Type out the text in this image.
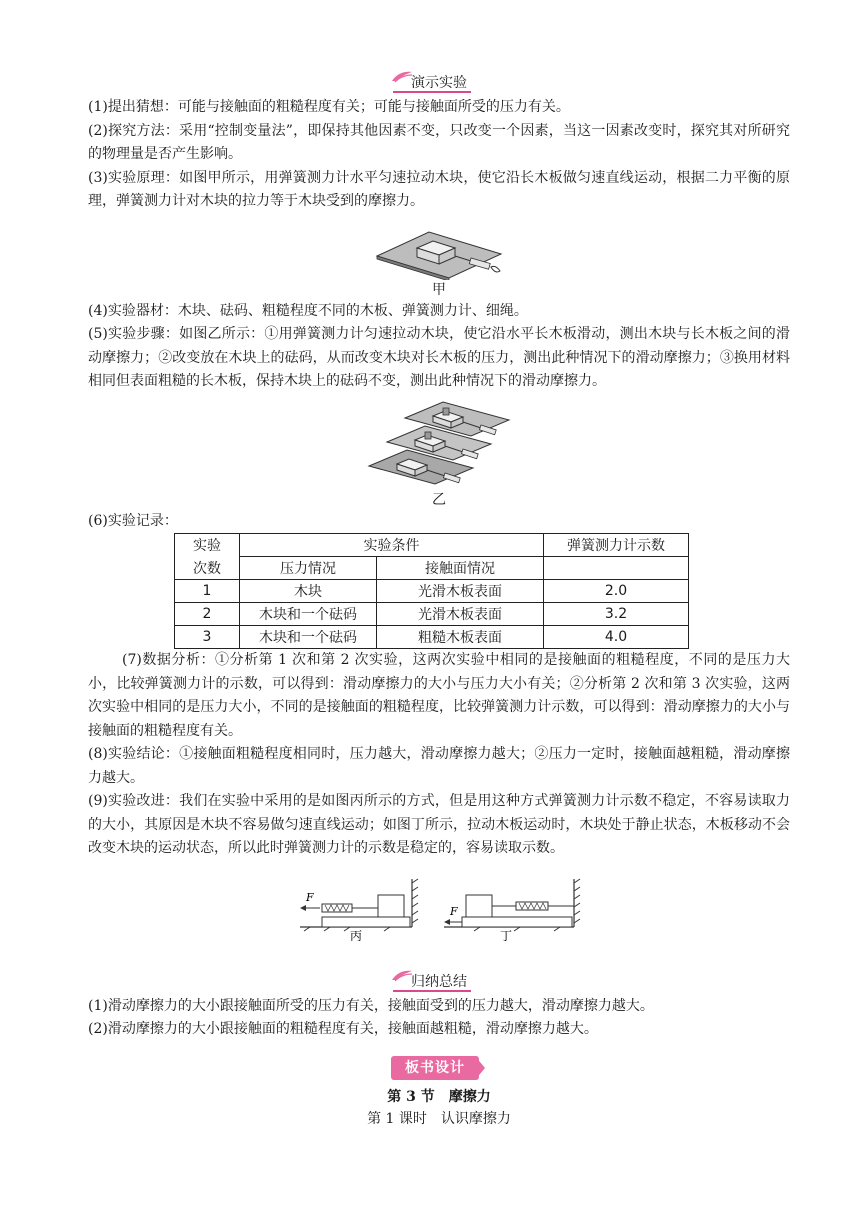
演示实验

(1)提出猜想：可能与接触面的粗糙程度有关；可能与接触面所受的压力有关。

(2)探究方法：采用“控制变量法”，即保持其他因素不变，只改变一个因素，当这一因素改变时，探究其对所研究的物理量是否产生影响。

(3)实验原理：如图甲所示，用弹簧测力计水平匀速拉动木块，使它沿长木板做匀速直线运动，根据二力平衡的原理，弹簧测力计对木块的拉力等于木块受到的摩擦力。

甲

(4)实验器材：木块、砝码、粗糙程度不同的木板、弹簧测力计、细绳。

(5)实验步骤：如图乙所示：①用弹簧测力计匀速拉动木块，使它沿水平长木板滑动，测出木块与长木板之间的滑动摩擦力；②改变放在木块上的砝码，从而改变木块对长木板的压力，测出此种情况下的滑动摩擦力；③换用材料相同但表面粗糙的长木板，保持木块上的砝码不变，测出此种情况下的滑动摩擦力。

乙

(6)实验记录：

实验	实验条件		弹簧测力计示数
次数	压力情况	接触面情况	
1	木块	光滑木板表面	2.0
2	木块和一个砝码	光滑木板表面	3.2
3	木块和一个砝码	粗糙木板表面	4.0

(7)数据分析：①分析第 1 次和第 2 次实验，这两次实验中相同的是接触面的粗糙程度，不同的是压力大小，比较弹簧测力计的示数，可以得到：滑动摩擦力的大小与压力大小有关；②分析第 2 次和第 3 次实验，这两次实验中相同的是压力大小，不同的是接触面的粗糙程度，比较弹簧测力计示数，可以得到：滑动摩擦力的大小与接触面的粗糙程度有关。

(8)实验结论：①接触面粗糙程度相同时，压力越大，滑动摩擦力越大；②压力一定时，接触面越粗糙，滑动摩擦力越大。

(9)实验改进：我们在实验中采用的是如图丙所示的方式，但是用这种方式弹簧测力计示数不稳定，不容易读取力的大小，其原因是木块不容易做匀速直线运动；如图丁所示，拉动木板运动时，木块处于静止状态，木板移动不会改变木块的运动状态，所以此时弹簧测力计的示数是稳定的，容易读取示数。

F
丙
F
丁
归纳总结

(1)滑动摩擦力的大小跟接触面所受的压力有关，接触面受到的压力越大，滑动摩擦力越大。

(2)滑动摩擦力的大小跟接触面的粗糙程度有关，接触面越粗糙，滑动摩擦力越大。

板书设计
第 3 节　摩擦力
第 1 课时　认识摩擦力
